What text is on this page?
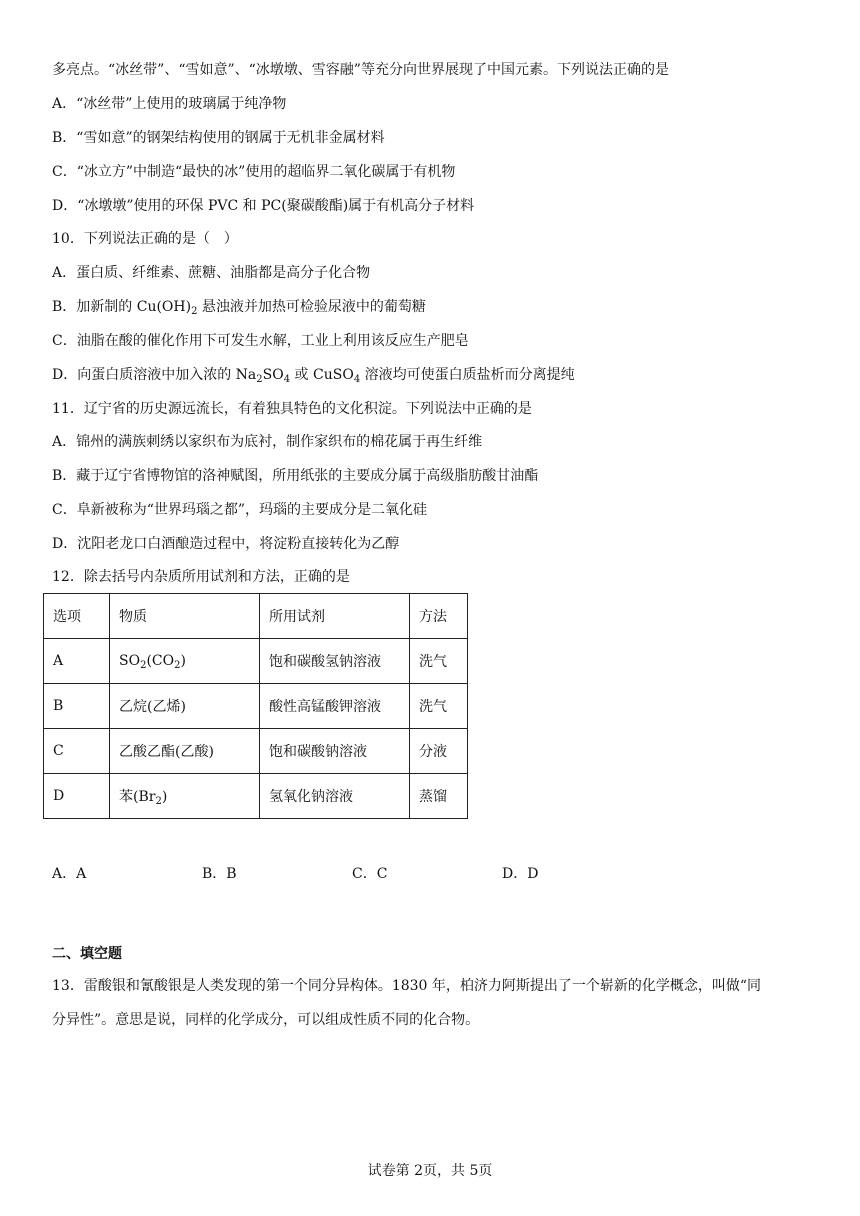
多亮点。“冰丝带”、“雪如意”、“冰墩墩、雪容融”等充分向世界展现了中国元素。下列说法正确的是
A．“冰丝带”上使用的玻璃属于纯净物
B．“雪如意”的钢架结构使用的钢属于无机非金属材料
C．“冰立方”中制造“最快的冰”使用的超临界二氧化碳属于有机物
D．“冰墩墩”使用的环保 PVC 和 PC(聚碳酸酯)属于有机高分子材料
10．下列说法正确的是（　）
A．蛋白质、纤维素、蔗糖、油脂都是高分子化合物
B．加新制的 $Cu(OH)_2$ 悬浊液并加热可检验尿液中的葡萄糖
C．油脂在酸的催化作用下可发生水解，工业上利用该反应生产肥皂
D．向蛋白质溶液中加入浓的 $Na_2SO_4$ 或 CuSO$_4$ 溶液均可使蛋白质盐析而分离提纯
11．辽宁省的历史源远流长，有着独具特色的文化积淀。下列说法中正确的是
A．锦州的满族刺绣以家织布为底衬，制作家织布的棉花属于再生纤维
B．藏于辽宁省博物馆的洛神赋图，所用纸张的主要成分属于高级脂肪酸甘油酯
C．阜新被称为“世界玛瑙之都”，玛瑙的主要成分是二氧化硅
D．沈阳老龙口白酒酿造过程中，将淀粉直接转化为乙醇
12．除去括号内杂质所用试剂和方法，正确的是
选项	物质	所用试剂	方法
A	$SO_2(CO_2)$	饱和碳酸氢钠溶液	洗气
B	乙烷(乙烯)	酸性高锰酸钾溶液	洗气
C	乙酸乙酯(乙酸)	饱和碳酸钠溶液	分液
D	苯$(Br_2)$	氢氧化钠溶液	蒸馏
A．A	B．B	C．C	D．D
二、填空题
13．雷酸银和氰酸银是人类发现的第一个同分异构体。1830 年，柏济力阿斯提出了一个崭新的化学概念，叫做“同
分异性”。意思是说，同样的化学成分，可以组成性质不同的化合物。
试卷第 2页，共 5页
